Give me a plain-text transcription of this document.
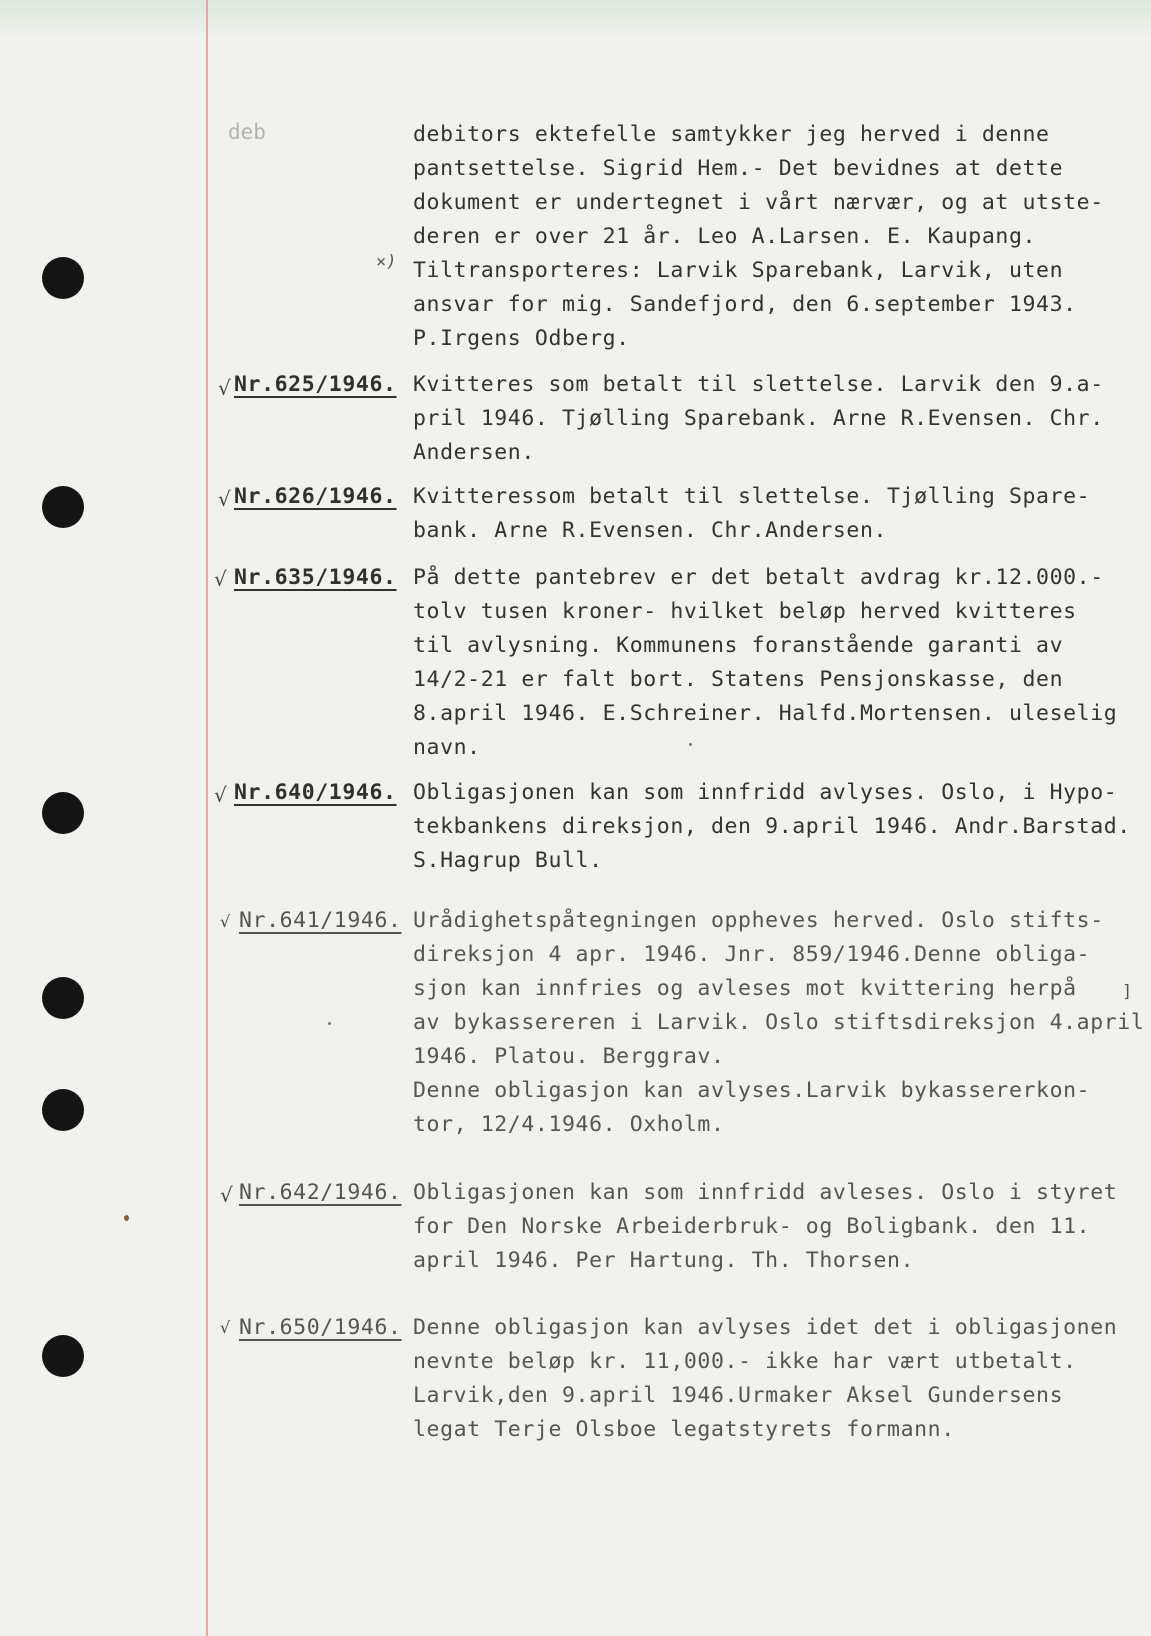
deb
×)
debitors ektefelle samtykker jeg herved i denne
pantsettelse. Sigrid Hem.- Det bevidnes at dette
dokument er undertegnet i vårt nærvær, og at utste-
deren er over 21 år. Leo A.Larsen. E. Kaupang.
Tiltransporteres: Larvik Sparebank, Larvik, uten
ansvar for mig. Sandefjord, den 6.september 1943.
P.Irgens Odberg.
√ Nr.625/1946. Kvitteres som betalt til slettelse. Larvik den 9.a-
pril 1946. Tjølling Sparebank. Arne R.Evensen. Chr.
Andersen.
√ Nr.626/1946. Kvitteressom betalt til slettelse. Tjølling Spare-
bank. Arne R.Evensen. Chr.Andersen.
√ Nr.635/1946. På dette pantebrev er det betalt avdrag kr.12.000.-
tolv tusen kroner- hvilket beløp herved kvitteres
til avlysning. Kommunens foranstående garanti av
14/2-21 er falt bort. Statens Pensjonskasse, den
8.april 1946. E.Schreiner. Halfd.Mortensen. uleselig
navn.
√ Nr.640/1946. Obligasjonen kan som innfridd avlyses. Oslo, i Hypo-
tekbankens direksjon, den 9.april 1946. Andr.Barstad.
S.Hagrup Bull.
√ Nr.641/1946. Urådighetspåtegningen oppheves herved. Oslo stifts-
direksjon 4 apr. 1946. Jnr. 859/1946.Denne obliga-
sjon kan innfries og avleses mot kvittering herpå
av bykassereren i Larvik. Oslo stiftsdireksjon 4.april
1946. Platou. Berggrav.
Denne obligasjon kan avlyses.Larvik bykassererkon-
tor, 12/4.1946. Oxholm.
]
√ Nr.642/1946. Obligasjonen kan som innfridd avleses. Oslo i styret
for Den Norske Arbeiderbruk- og Boligbank. den 11.
april 1946. Per Hartung. Th. Thorsen.
√ Nr.650/1946. Denne obligasjon kan avlyses idet det i obligasjonen
nevnte beløp kr. 11,000.- ikke har vært utbetalt.
Larvik,den 9.april 1946.Urmaker Aksel Gundersens
legat Terje Olsboe legatstyrets formann.
